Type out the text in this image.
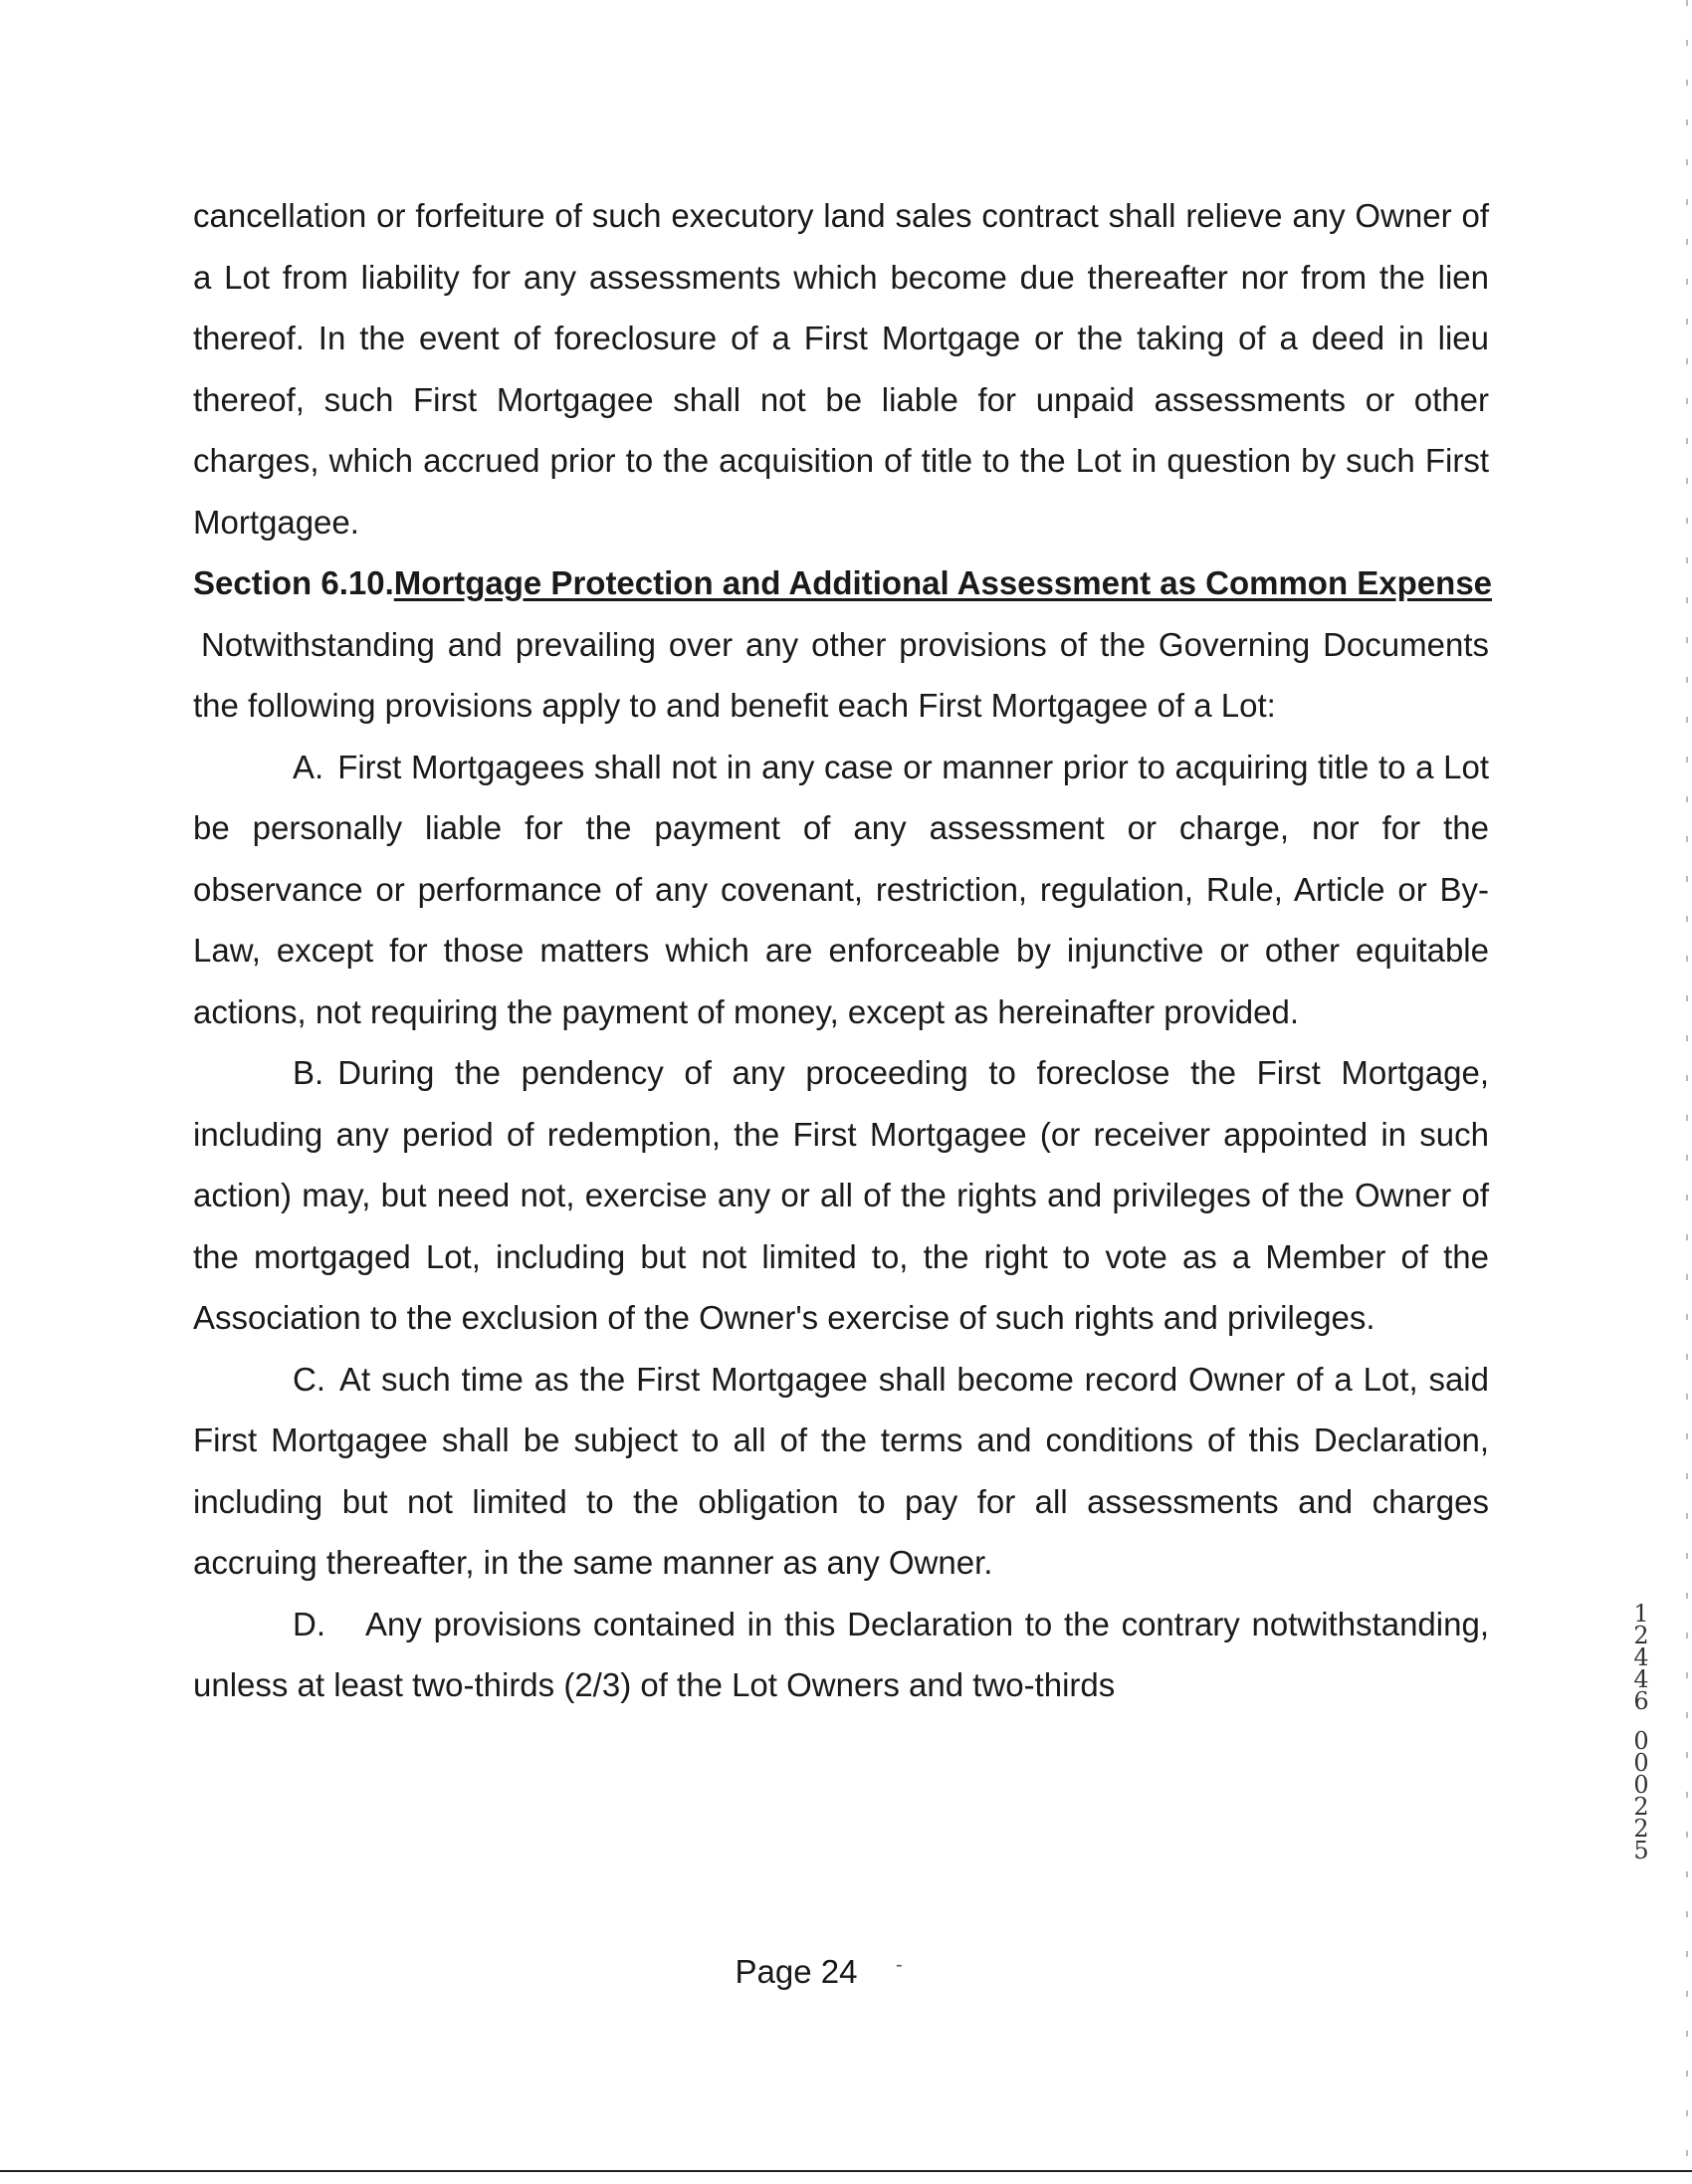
cancellation or forfeiture of such executory land sales contract shall relieve any Owner of a Lot from liability for any assessments which become due thereafter nor from the lien thereof. In the event of foreclosure of a First Mortgage or the taking of a deed in lieu thereof, such First Mortgagee shall not be liable for unpaid assessments or other charges, which accrued prior to the acquisition of title to the Lot in question by such First Mortgagee.

Section 6.10. Mortgage Protection and Additional Assessment as Common Expense

Notwithstanding and prevailing over any other provisions of the Governing Documents the following provisions apply to and benefit each First Mortgagee of a Lot:

A. First Mortgagees shall not in any case or manner prior to acquiring title to a Lot be personally liable for the payment of any assessment or charge, nor for the observance or performance of any covenant, restriction, regulation, Rule, Article or By-Law, except for those matters which are enforceable by injunctive or other equitable actions, not requiring the payment of money, except as hereinafter provided.

B. During the pendency of any proceeding to foreclose the First Mortgage, including any period of redemption, the First Mortgagee (or receiver appointed in such action) may, but need not, exercise any or all of the rights and privileges of the Owner of the mortgaged Lot, including but not limited to, the right to vote as a Member of the Association to the exclusion of the Owner's exercise of such rights and privileges.

C. At such time as the First Mortgagee shall become record Owner of a Lot, said First Mortgagee shall be subject to all of the terms and conditions of this Declaration, including but not limited to the obligation to pay for all assessments and charges accruing thereafter, in the same manner as any Owner.

D. Any provisions contained in this Declaration to the contrary notwithstanding, unless at least two-thirds (2/3) of the Lot Owners and two-thirds

Page 24	-
1
2
4
4
6
0
0
0
2
2
5
